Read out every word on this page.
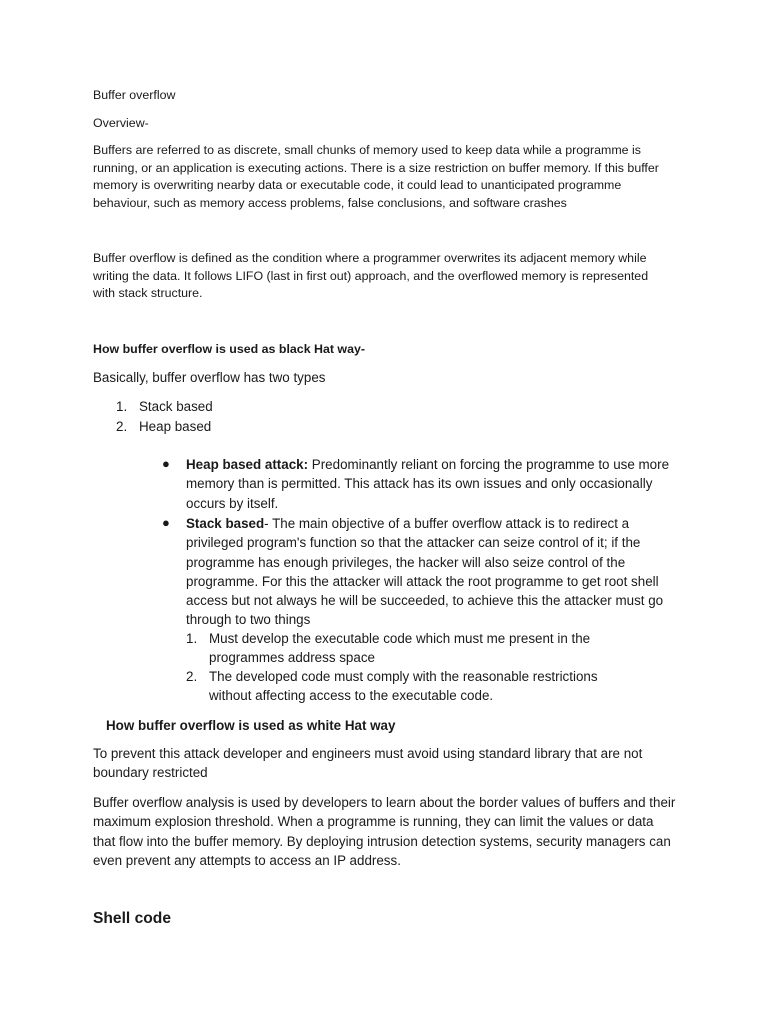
Buffer overflow

Overview-

Buffers are referred to as discrete, small chunks of memory used to keep data while a programme is running, or an application is executing actions. There is a size restriction on buffer memory. If this buffer memory is overwriting nearby data or executable code, it could lead to unanticipated programme behaviour, such as memory access problems, false conclusions, and software crashes

Buffer overflow is defined as the condition where a programmer overwrites its adjacent memory while writing the data. It follows LIFO (last in first out) approach, and the overflowed memory is represented with stack structure.

How buffer overflow is used as black Hat way-

Basically, buffer overflow has two types

1. Stack based
2. Heap based
● Heap based attack: Predominantly reliant on forcing the programme to use more memory than is permitted. This attack has its own issues and only occasionally occurs by itself.

● Stack based- The main objective of a buffer overflow attack is to redirect a privileged program's function so that the attacker can seize control of it; if the programme has enough privileges, the hacker will also seize control of the programme. For this the attacker will attack the root programme to get root shell access but not always he will be succeeded, to achieve this the attacker must go through to two things

1. Must develop the executable code which must me present in the programmes address space

2. The developed code must comply with the reasonable restrictions without affecting access to the executable code.

How buffer overflow is used as white Hat way

To prevent this attack developer and engineers must avoid using standard library that are not boundary restricted

Buffer overflow analysis is used by developers to learn about the border values of buffers and their maximum explosion threshold. When a programme is running, they can limit the values or data that flow into the buffer memory. By deploying intrusion detection systems, security managers can even prevent any attempts to access an IP address.

Shell code
